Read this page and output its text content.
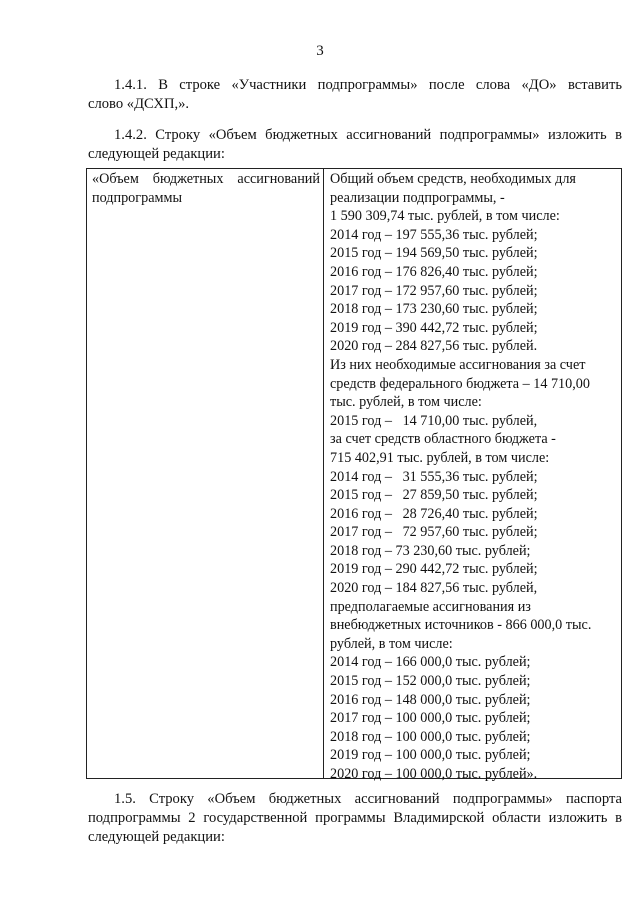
3

1.4.1. В строке «Участники подпрограммы» после слова «ДО» вставить
слово «ДСХП,».

1.4.2. Строку «Объем бюджетных ассигнований подпрограммы» изложить в
следующей редакции:

«Объем бюджетных ассигнований
подпрограммы
Общий объем средств, необходимых для
реализации подпрограммы, -
1 590 309,74 тыс. рублей, в том числе:
2014 год – 197 555,36 тыс. рублей;
2015 год – 194 569,50 тыс. рублей;
2016 год – 176 826,40 тыс. рублей;
2017 год – 172 957,60 тыс. рублей;
2018 год – 173 230,60 тыс. рублей;
2019 год – 390 442,72 тыс. рублей;
2020 год – 284 827,56 тыс. рублей.
Из них необходимые ассигнования за счет
средств федерального бюджета – 14 710,00
тыс. рублей, в том числе:
2015 год –   14 710,00 тыс. рублей,
за счет средств областного бюджета -
715 402,91 тыс. рублей, в том числе:
2014 год –   31 555,36 тыс. рублей;
2015 год –   27 859,50 тыс. рублей;
2016 год –   28 726,40 тыс. рублей;
2017 год –   72 957,60 тыс. рублей;
2018 год – 73 230,60 тыс. рублей;
2019 год – 290 442,72 тыс. рублей;
2020 год – 184 827,56 тыс. рублей,
предполагаемые ассигнования из
внебюджетных источников - 866 000,0 тыс.
рублей, в том числе:
2014 год – 166 000,0 тыс. рублей;
2015 год – 152 000,0 тыс. рублей;
2016 год – 148 000,0 тыс. рублей;
2017 год – 100 000,0 тыс. рублей;
2018 год – 100 000,0 тыс. рублей;
2019 год – 100 000,0 тыс. рублей;
2020 год – 100 000,0 тыс. рублей».

1.5. Строку «Объем бюджетных ассигнований подпрограммы» паспорта
подпрограммы 2 государственной программы Владимирской области изложить в
следующей редакции:
